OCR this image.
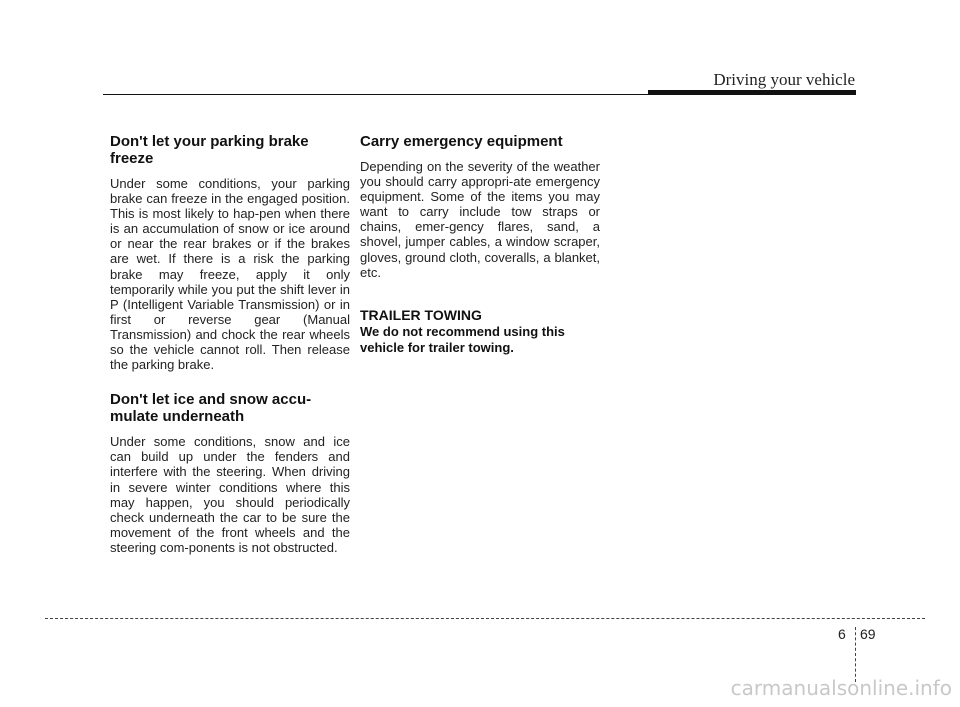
Driving your vehicle
Don't let your parking brake freeze

Under some conditions, your parking brake can freeze in the engaged position. This is most likely to hap-pen when there is an accumulation of snow or ice around or near the rear brakes or if the brakes are wet. If there is a risk the parking brake may freeze, apply it only temporarily while you put the shift lever in P (Intelligent Variable Transmission) or in first or reverse gear (Manual Transmission) and chock the rear wheels so the vehicle cannot roll. Then release the parking brake.

Don't let ice and snow accu-mulate underneath

Under some conditions, snow and ice can build up under the fenders and interfere with the steering. When driving in severe winter conditions where this may happen, you should periodically check underneath the car to be sure the movement of the front wheels and the steering com-ponents is not obstructed.

Carry emergency equipment

Depending on the severity of the weather you should carry appropri-ate emergency equipment. Some of the items you may want to carry include tow straps or chains, emer-gency flares, sand, a shovel, jumper cables, a window scraper, gloves, ground cloth, coveralls, a blanket, etc.

TRAILER TOWING

We do not recommend using this vehicle for trailer towing.

6 69
carmanualsonline.info
